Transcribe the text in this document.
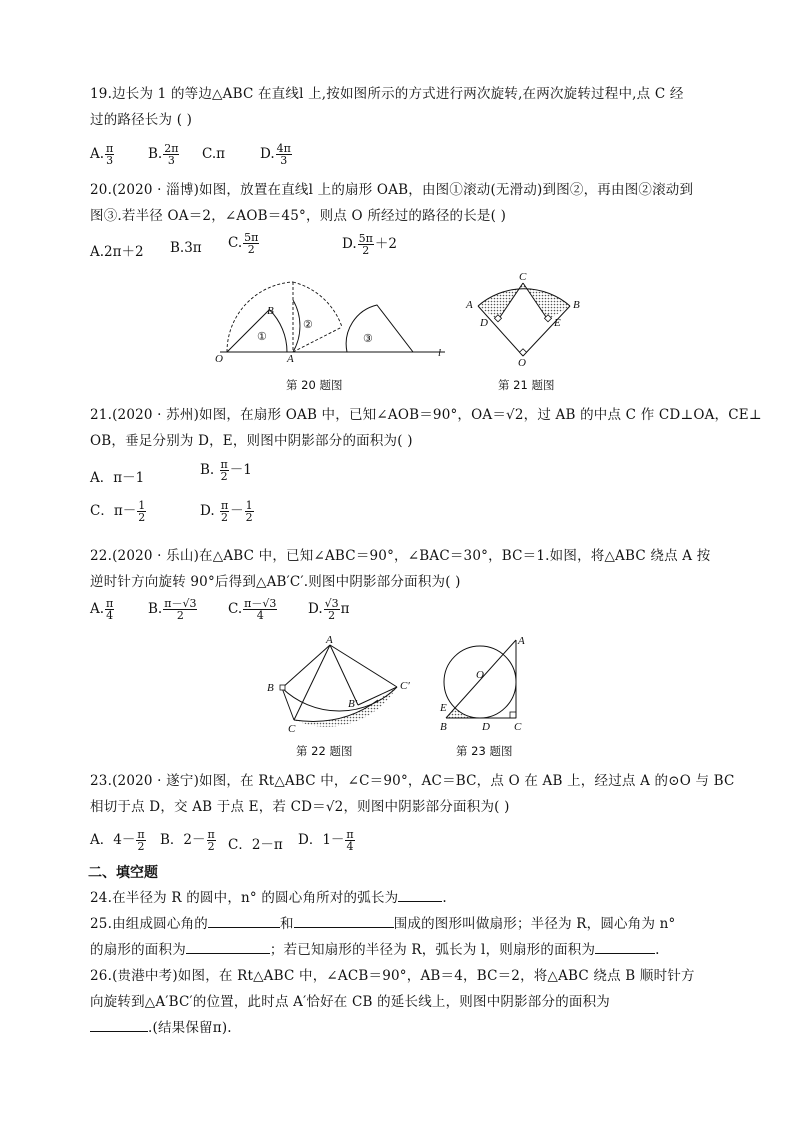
19.边长为 1 的等边△ABC 在直线l 上,按如图所示的方式进行两次旋转,在两次旋转过程中,点 C 经
过的路径长为 ( )
A. $\frac{\pi}{3} B$. $\frac{2\pi}{3} C.\pi$	D. $\frac{4\pi}{3}$
20.(2020 · 淄博)如图，放置在直线l 上的扇形 OAB，由图①滚动(无滑动)到图②，再由图②滚动到
图③.若半径 OA＝2，∠AOB＝45°，则点 O 所经过的路径的长是( )
A.2π＋2 B.3π C. $\frac{5\pi}{2}$	D. $\frac{5\pi}{2} +2$
B
①
②
③
O	A	l
第 20 题图
C
A	B
D	E
O
第 21 题图
21.(2020 · 苏州)如图，在扇形 OAB 中，已知∠AOB＝90°，OA＝√2，过 AB 的中点 C 作 CD⊥OA，CE⊥
OB，垂足分别为 D，E，则图中阴影部分的面积为( )
A．π－1	B. $\frac{\pi}{2} -1$
C．$\pi- \frac{1}{2}$	D. $\frac{\pi}{2} - \frac{1}{2}$
22.(2020 · 乐山)在△ABC 中，已知∠ABC＝90°，∠BAC＝30°，BC＝1.如图，将△ABC 绕点 A 按
逆时针方向旋转 90°后得到△AB′C′.则图中阴影部分面积为( )
A. $\frac{\pi}{4} B$. $\frac{\pi-√3}{2} C$. $\frac{\pi-√3}{4} D$. $\frac{√3}{2}$ π
A
B	C′
B′
C
第 22 题图
A
O
E
B	D C
第 23 题图
23.(2020 · 遂宁)如图，在 Rt△ABC 中，∠C＝90°，AC＝BC，点 O 在 AB 上，经过点 A 的⊙O 与 BC
相切于点 D，交 AB 于点 E，若 CD＝√2，则图中阴影部分面积为( )
A．$4- \frac{\pi}{2}$ B．$2- \frac{\pi}{2}$ C．2－π D．$1- \frac{\pi}{4}$
二、填空题
24.在半径为 R 的圆中，n° 的圆心角所对的弧长为	.
25.由组成圆心角的	和	围成的图形叫做扇形；半径为 R，圆心角为 n°
的扇形的面积为	；若已知扇形的半径为 R，弧长为 l，则扇形的面积为	.
26.(贵港中考)如图，在 Rt△ABC 中，∠ACB＝90°，AB＝4，BC＝2，将△ABC 绕点 B 顺时针方
向旋转到△A′BC′的位置，此时点 A′恰好在 CB 的延长线上，则图中阴影部分的面积为
.(结果保留π).
